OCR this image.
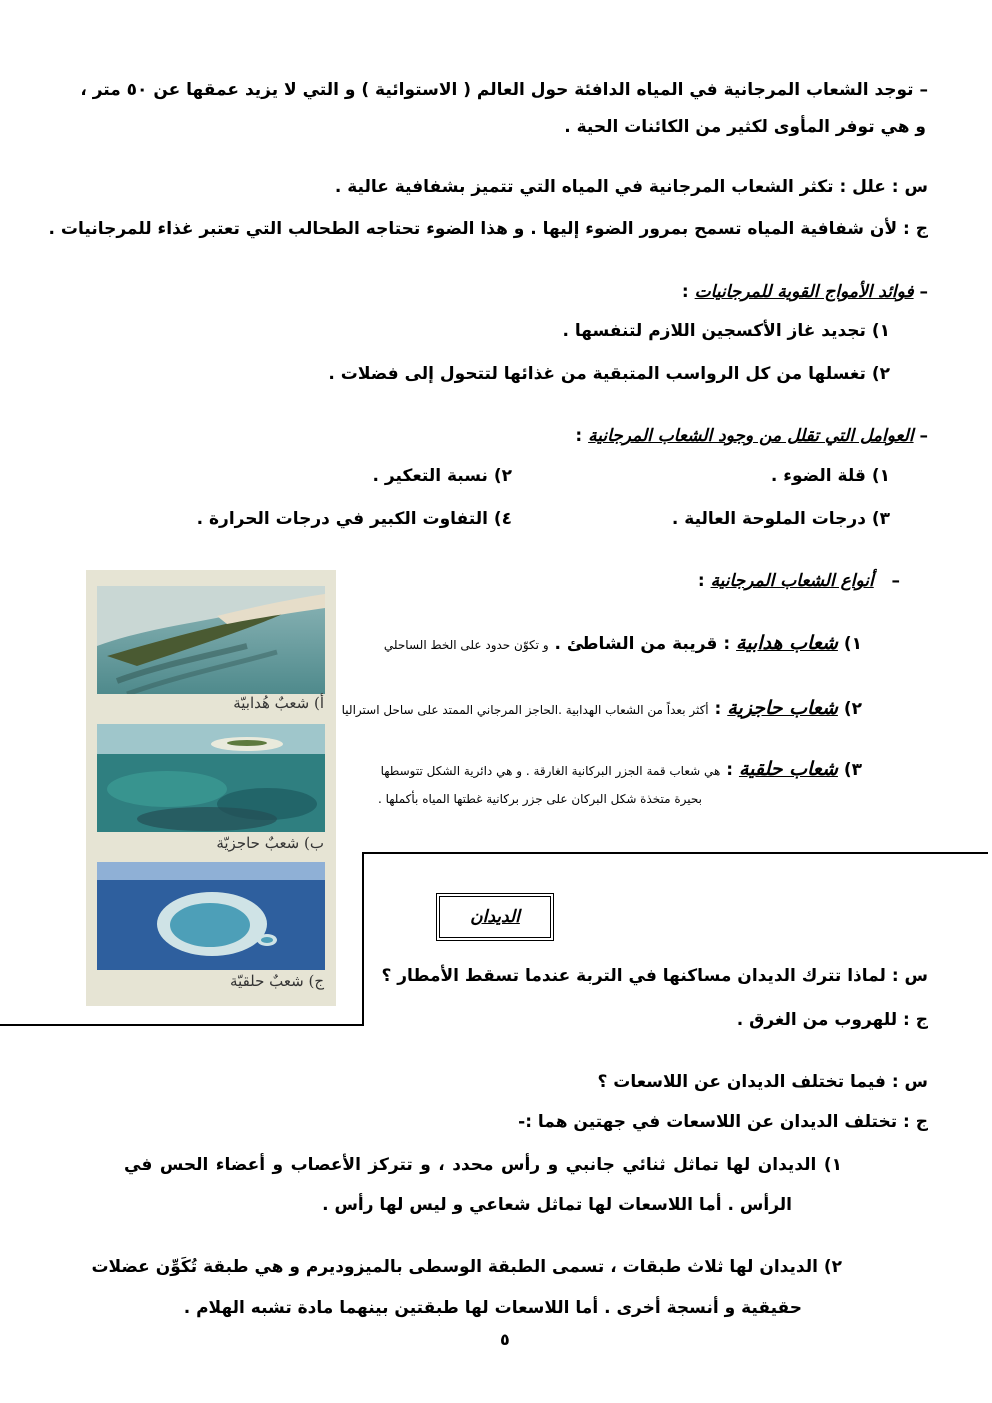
– توجد الشعاب المرجانية في المياه الدافئة حول العالم ( الاستوائية ) و التي لا يزيد عمقها عن ٥٠ متر ،
و هي توفر المأوى لكثير من الكائنات الحية .
س : علل : تكثر الشعاب المرجانية في المياه التي تتميز بشفافية عالية .
ج : لأن شفافية المياه تسمح بمرور الضوء إليها . و هذا الضوء تحتاجه الطحالب التي تعتبر غذاء للمرجانيات .
– فوائد الأمواج القوية للمرجانيات :
١) تجديد غاز الأكسجين اللازم لتنفسها .
٢) تغسلها من كل الرواسب المتبقية من غذائها لتتحول إلى فضلات .
– العوامل التي تقلل من وجود الشعاب المرجانية :
١) قلة الضوء .
٢) نسبة التعكير .
٣) درجات الملوحة العالية .
٤) التفاوت الكبير في درجات الحرارة .
أ) شعبٌ هُدابيّة
ب) شعبٌ حاجزيّة
ج) شعبٌ حلقيّة
–   أنواع الشعاب المرجانية :
١) شعاب هدابية : قريبة من الشاطئ . و تكوّن حدود على الخط الساحلي
٢) شعاب حاجزية : أكثر بعداً من الشعاب الهدابية .الحاجز المرجاني الممتد على ساحل استراليا
٣) شعاب حلقية : هي شعاب قمة الجزر البركانية الغارقة . و هي دائرية الشكل تتوسطها
بحيرة متخذة شكل البركان على جزر بركانية غطتها المياه بأكملها .
الديدان
س : لماذا تترك الديدان مساكنها في التربة عندما تسقط الأمطار ؟
ج : للهروب من الغرق .
س : فيما تختلف الديدان عن اللاسعات ؟
ج : تختلف الديدان عن اللاسعات في جهتين هما :-
١) الديدان لها تماثل ثنائي جانبي و رأس محدد ، و تتركز الأعصاب و أعضاء الحس في
الرأس . أما اللاسعات لها تماثل شعاعي و ليس لها رأس .
٢) الديدان لها ثلاث طبقات ، تسمى الطبقة الوسطى بالميزوديرم و هي طبقة تُكَوِّن عضلات
حقيقية و أنسجة أخرى . أما اللاسعات لها طبقتين بينهما مادة تشبه الهلام .
٥
